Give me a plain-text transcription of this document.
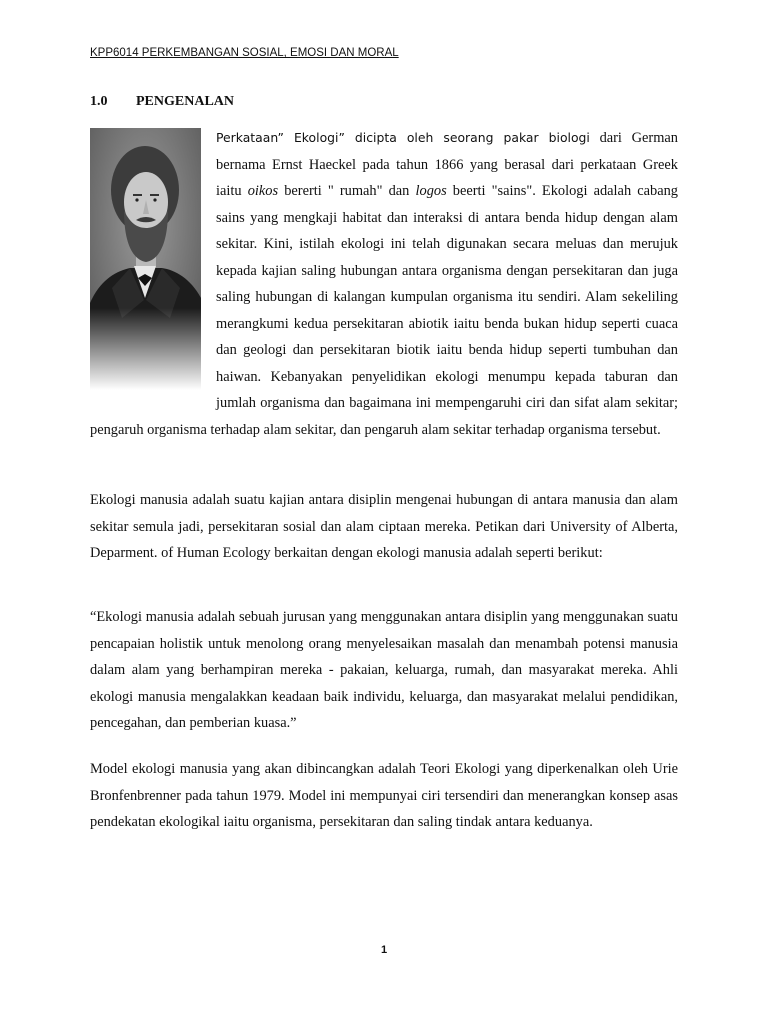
KPP6014 PERKEMBANGAN SOSIAL, EMOSI DAN MORAL
1.0 PENGENALAN

Perkataan” Ekologi” dicipta oleh seorang pakar biologi dari German bernama Ernst Haeckel pada tahun 1866 yang berasal dari perkataan Greek iaitu oikos bererti " rumah" dan logos beerti "sains". Ekologi adalah cabang sains yang mengkaji habitat dan interaksi di antara benda hidup dengan alam sekitar. Kini, istilah ekologi ini telah digunakan secara meluas dan merujuk kepada kajian saling hubungan antara organisma dengan persekitaran dan juga saling hubungan di kalangan kumpulan organisma itu sendiri. Alam sekeliling merangkumi kedua persekitaran abiotik iaitu benda bukan hidup seperti cuaca dan geologi dan persekitaran biotik iaitu benda hidup seperti tumbuhan dan haiwan. Kebanyakan penyelidikan ekologi menumpu kepada taburan dan jumlah organisma dan bagaimana ini mempengaruhi ciri dan sifat alam sekitar; pengaruh organisma terhadap alam sekitar, dan pengaruh alam sekitar terhadap organisma tersebut.

Ekologi manusia adalah suatu kajian antara disiplin mengenai hubungan di antara manusia dan alam sekitar semula jadi, persekitaran sosial dan alam ciptaan mereka. Petikan dari University of Alberta, Deparment. of Human Ecology berkaitan dengan ekologi manusia adalah seperti berikut:

“Ekologi manusia adalah sebuah jurusan yang menggunakan antara disiplin yang menggunakan suatu pencapaian holistik untuk menolong orang menyelesaikan masalah dan menambah potensi manusia dalam alam yang berhampiran mereka - pakaian, keluarga, rumah, dan masyarakat mereka. Ahli ekologi manusia mengalakkan keadaan baik individu, keluarga, dan masyarakat melalui pendidikan, pencegahan, dan pemberian kuasa.”

Model ekologi manusia yang akan dibincangkan adalah Teori Ekologi yang diperkenalkan oleh Urie Bronfenbrenner pada tahun 1979. Model ini mempunyai ciri tersendiri dan menerangkan konsep asas pendekatan ekologikal iaitu organisma, persekitaran dan saling tindak antara keduanya.

1
